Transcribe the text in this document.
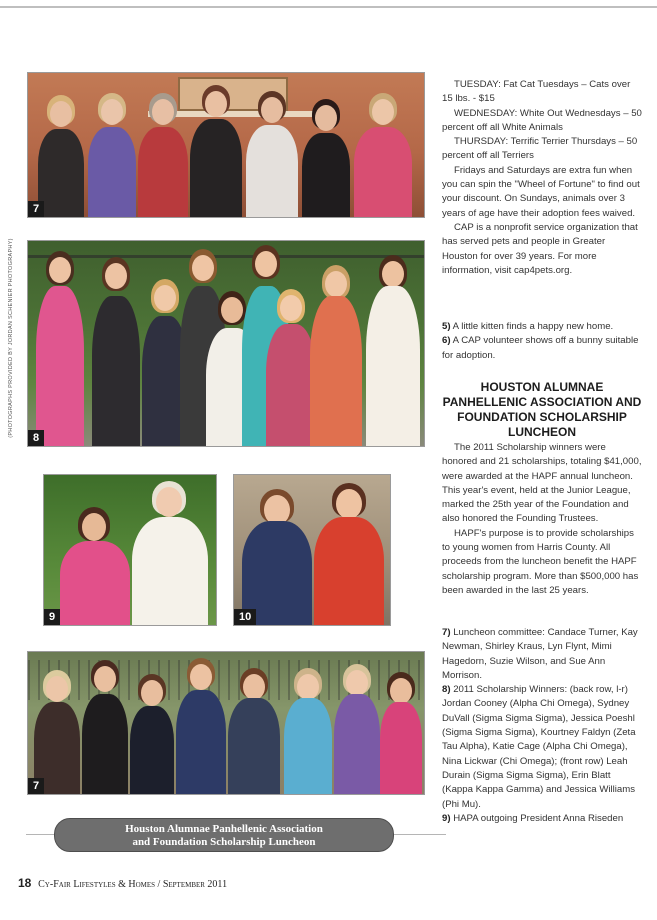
7
(PHOTOGRAPHS PROVIDED BY JORDAN SCHENIER PHOTOGRAPHY)
8
9	10
7

TUESDAY: Fat Cat Tuesdays – Cats over 15 lbs. - $15

WEDNESDAY: White Out Wednesdays – 50 percent off all White Animals

THURSDAY: Terrific Terrier Thursdays – 50 percent off all Terriers

Fridays and Saturdays are extra fun when you can spin the "Wheel of Fortune" to find out your discount. On Sundays, animals over 3 years of age have their adoption fees waived.

CAP is a nonprofit service organization that has served pets and people in Greater Houston for over 39 years. For more information, visit cap4pets.org.

5) A little kitten finds a happy new home.

6) A CAP volunteer shows off a bunny suitable for adoption.

HOUSTON ALUMNAE PANHELLENIC ASSOCIATION AND FOUNDATION SCHOLARSHIP LUNCHEON

The 2011 Scholarship winners were honored and 21 scholarships, totaling $41,000, were awarded at the HAPF annual luncheon. This year's event, held at the Junior League, marked the 25th year of the Foundation and also honored the Founding Trustees.

HAPF's purpose is to provide scholarships to young women from Harris County. All proceeds from the luncheon benefit the HAPF scholarship program. More than $500,000 has been awarded in the last 25 years.

7) Luncheon committee: Candace Turner, Kay Newman, Shirley Kraus, Lyn Flynt, Mimi Hagedorn, Suzie Wilson, and Sue Ann Morrison.

8) 2011 Scholarship Winners: (back row, l-r) Jordan Cooney (Alpha Chi Omega), Sydney DuVall (Sigma Sigma Sigma), Jessica Poeshl (Sigma Sigma Sigma), Kourtney Faldyn (Zeta Tau Alpha), Katie Cage (Alpha Chi Omega), Nina Lickwar (Chi Omega); (front row) Leah Durain (Sigma Sigma Sigma), Erin Blatt (Kappa Kappa Gamma) and Jessica Williams (Phi Mu).

9) HAPA outgoing President Anna Riseden

Houston Alumnae Panhellenic Association
and Foundation Scholarship Luncheon
18 Cy-Fair Lifestyles & Homes / September 2011
